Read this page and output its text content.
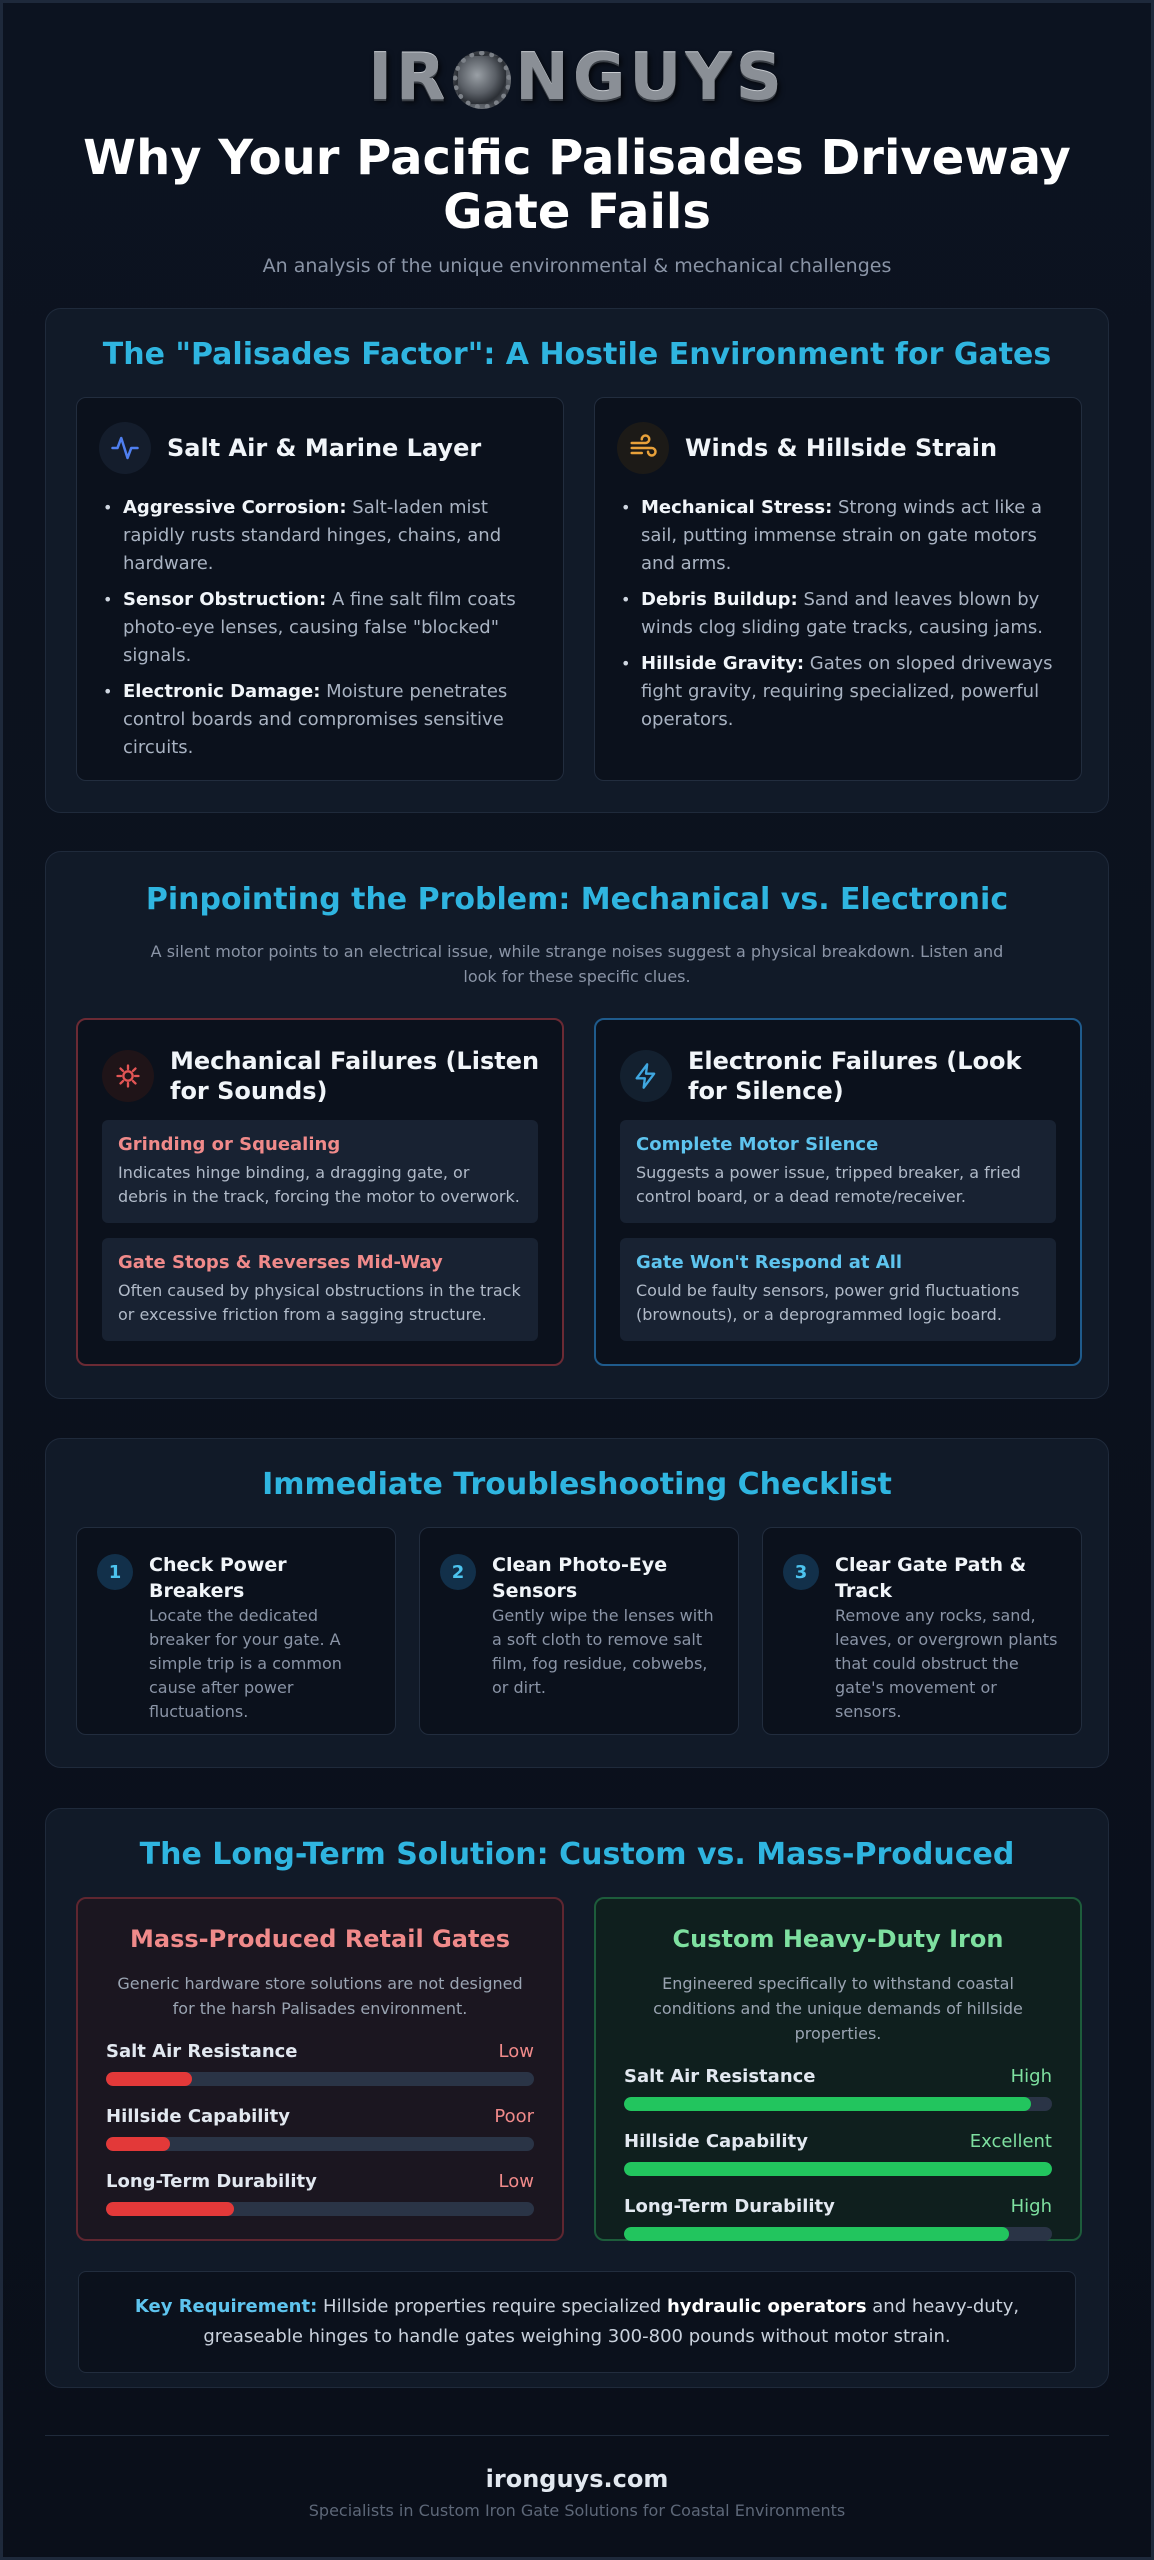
IR NGUYS
Why Your Pacific Palisades Driveway Gate Fails
An analysis of the unique environmental & mechanical challenges
The "Palisades Factor": A Hostile Environment for Gates
Salt Air & Marine Layer
• Aggressive Corrosion: Salt-laden mist rapidly rusts standard hinges, chains, and hardware.
• Sensor Obstruction: A fine salt film coats photo-eye lenses, causing false "blocked" signals.
• Electronic Damage: Moisture penetrates control boards and compromises sensitive circuits.
Winds & Hillside Strain
• Mechanical Stress: Strong winds act like a sail, putting immense strain on gate motors and arms.
• Debris Buildup: Sand and leaves blown by winds clog sliding gate tracks, causing jams.
• Hillside Gravity: Gates on sloped driveways fight gravity, requiring specialized, powerful operators.
Pinpointing the Problem: Mechanical vs. Electronic
A silent motor points to an electrical issue, while strange noises suggest a physical breakdown. Listen and look for these specific clues.
Mechanical Failures (Listen for Sounds)
Grinding or Squealing
Indicates hinge binding, a dragging gate, or debris in the track, forcing the motor to overwork.
Gate Stops & Reverses Mid-Way
Often caused by physical obstructions in the track or excessive friction from a sagging structure.
Electronic Failures (Look for Silence)
Complete Motor Silence
Suggests a power issue, tripped breaker, a fried control board, or a dead remote/receiver.
Gate Won't Respond at All
Could be faulty sensors, power grid fluctuations (brownouts), or a deprogrammed logic board.
Immediate Troubleshooting Checklist
1	Check Power Breakers
Locate the dedicated breaker for your gate. A simple trip is a common cause after power fluctuations.
2	Clean Photo-Eye Sensors
Gently wipe the lenses with a soft cloth to remove salt film, fog residue, cobwebs, or dirt.
3	Clear Gate Path & Track
Remove any rocks, sand, leaves, or overgrown plants that could obstruct the gate's movement or sensors.
The Long-Term Solution: Custom vs. Mass-Produced
Mass-Produced Retail Gates
Generic hardware store solutions are not designed for the harsh Palisades environment.
Salt Air Resistance	Low
Hillside Capability	Poor
Long-Term Durability	Low
Custom Heavy-Duty Iron
Engineered specifically to withstand coastal conditions and the unique demands of hillside properties.
Salt Air Resistance	High
Hillside Capability	Excellent
Long-Term Durability	High
Key Requirement: Hillside properties require specialized hydraulic operators and heavy-duty, greaseable hinges to handle gates weighing 300-800 pounds without motor strain.
ironguys.com
Specialists in Custom Iron Gate Solutions for Coastal Environments
